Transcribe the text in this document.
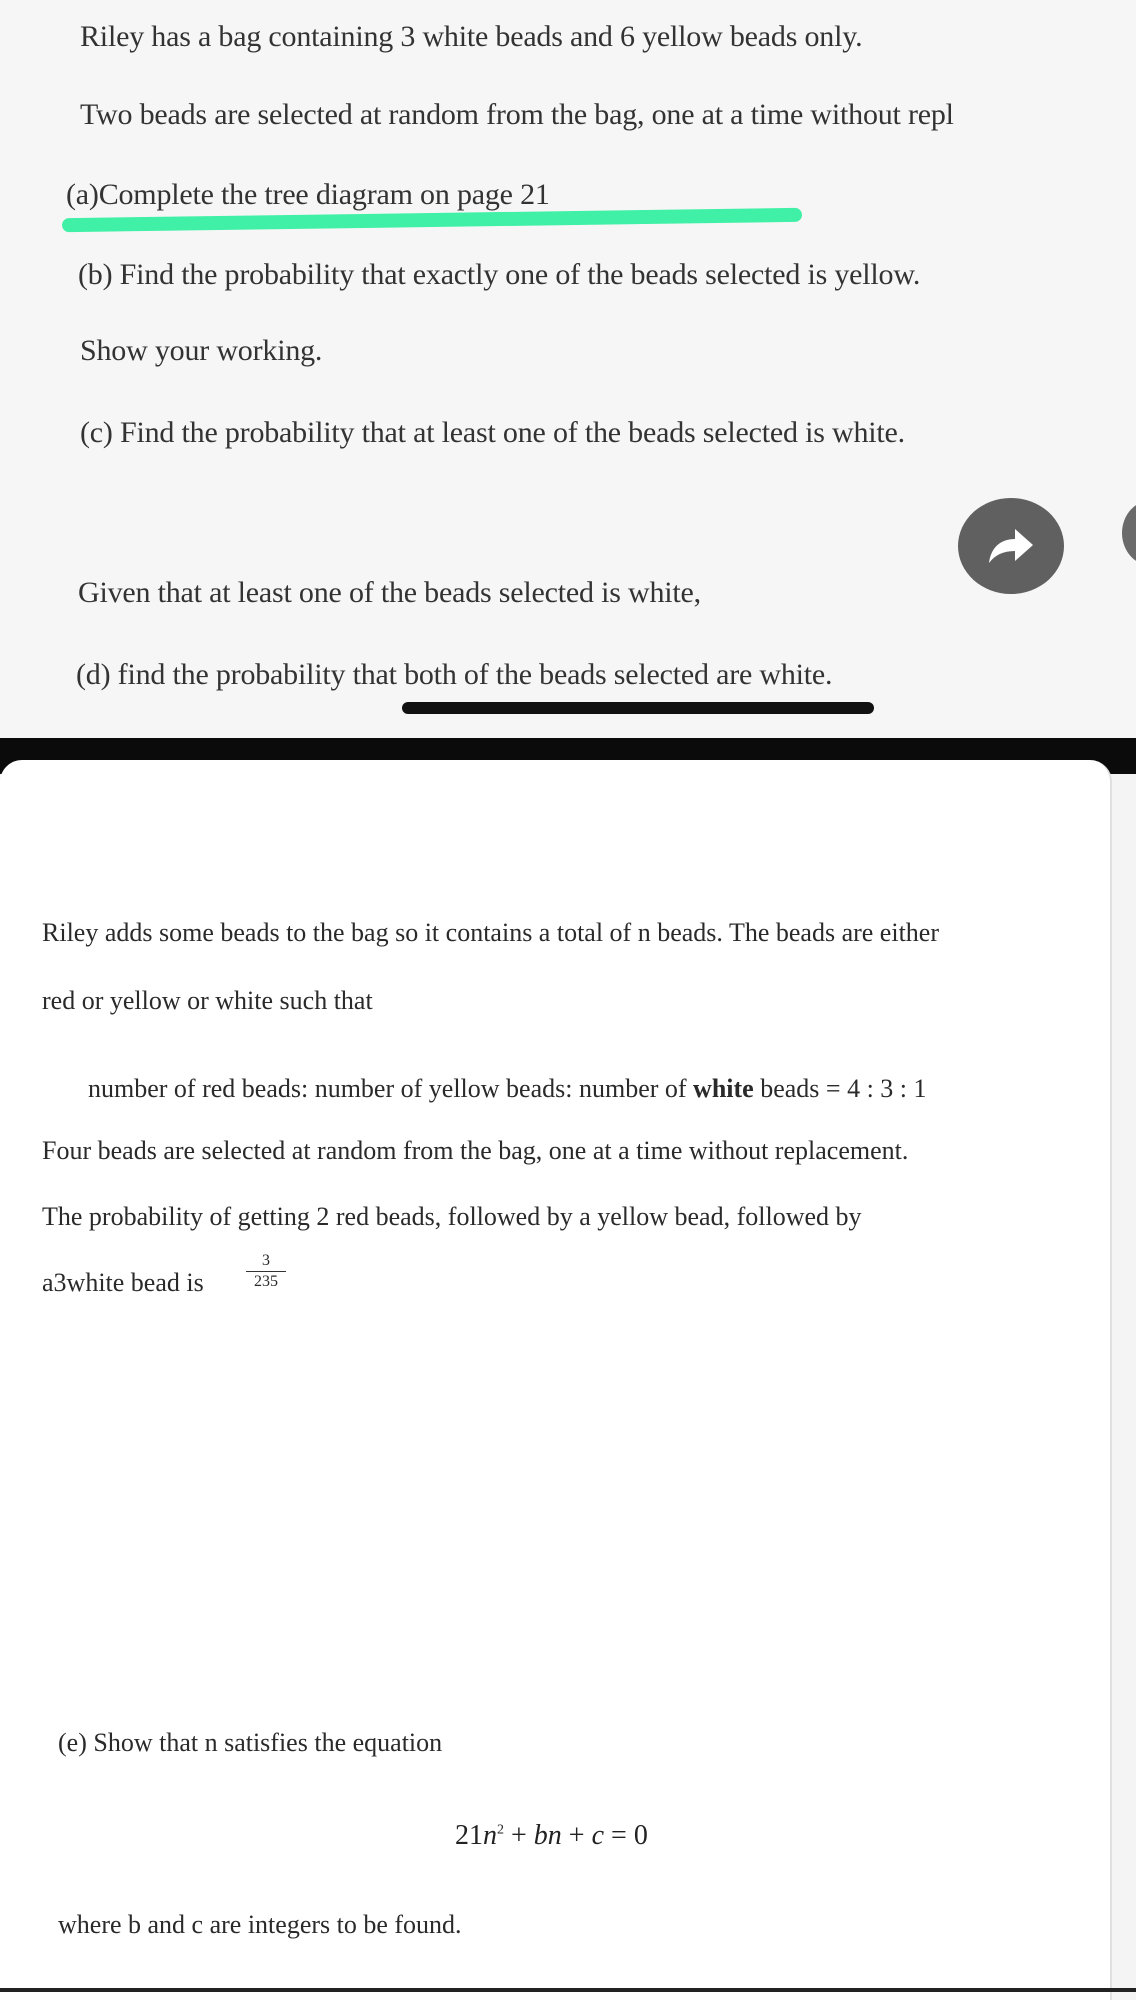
Riley has a bag containing 3 white beads and 6 yellow beads only.
Two beads are selected at random from the bag, one at a time without repl
(a)Complete the tree diagram on page 21
(b) Find the probability that exactly one of the beads selected is yellow.
Show your working.
(c) Find the probability that at least one of the beads selected is white.
Given that at least one of the beads selected is white,
(d) find the probability that both of the beads selected are white.
Riley adds some beads to the bag so it contains a total of n beads. The beads are either
red or yellow or white such that
number of red beads: number of yellow beads: number of white beads = 4 : 3 : 1
Four beads are selected at random from the bag, one at a time without replacement.
The probability of getting 2 red beads, followed by a yellow bead, followed by
a3white bead is	$\frac{3}{235}$
(e) Show that n satisfies the equation
$21n^2$ + bn + c = 0
where b and c are integers to be found.
